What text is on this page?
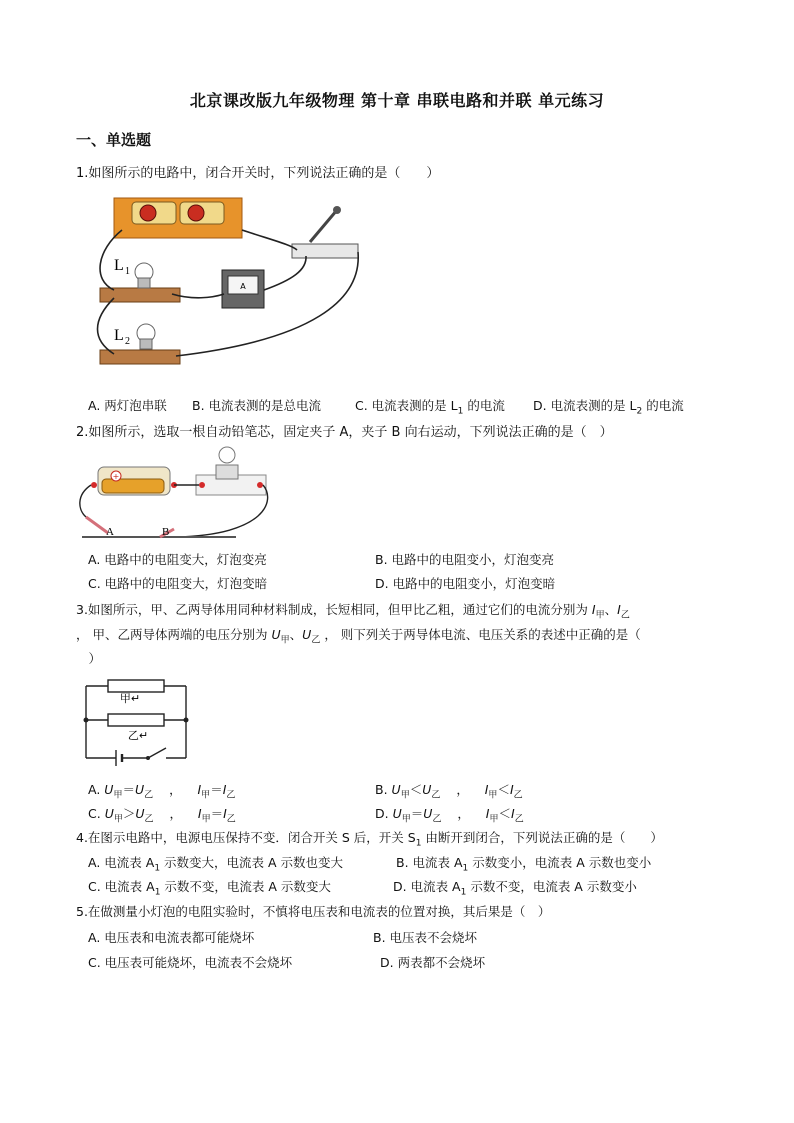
北京课改版九年级物理 第十章 串联电路和并联 单元练习
一、单选题
1.如图所示的电路中，闭合开关时，下列说法正确的是（　　）
A
L 1
L 2
A. 两灯泡串联 B. 电流表测的是总电流	C. 电流表测的是 $L_1$ 的电流 D. 电流表测的是 $L_2$ 的电流
2.如图所示，选取一根自动铅笔芯，固定夹子 A，夹子 B 向右运动，下列说法正确的是（　）
+
A	B
A. 电路中的电阻变大，灯泡变亮	B. 电路中的电阻变小，灯泡变亮
C. 电路中的电阻变大，灯泡变暗	D. 电路中的电阻变小，灯泡变暗
3.如图所示，甲、乙两导体用同种材料制成，长短相同，但甲比乙粗，通过它们的电流分别为 $I_甲$、$I_乙$
， 甲、乙两导体两端的电压分别为 $U_甲$、$U_乙$ ， 则下列关于两导体电流、电压关系的表述中正确的是（
　）
甲↵
乙↵
A. $U_甲=U_乙$ ， $I_甲=I_乙$	B. $U_甲<U_乙$ ， $I_甲<I_乙$
C. $U_甲>U_乙$ ， $I_甲=I_乙$	D. $U_甲=U_乙$ ， $I_甲<I_乙$
4.在图示电路中，电源电压保持不变．闭合开关 S 后，开关 $S_1$ 由断开到闭合，下列说法正确的是（　　）
A. 电流表 $A_1$ 示数变大，电流表 A 示数也变大	B. 电流表 $A_1$ 示数变小，电流表 A 示数也变小
C. 电流表 $A_1$ 示数不变，电流表 A 示数变大	D. 电流表 $A_1$ 示数不变，电流表 A 示数变小
5.在做测量小灯泡的电阻实验时，不慎将电压表和电流表的位置对换，其后果是（　）
A. 电压表和电流表都可能烧坏	B. 电压表不会烧坏
C. 电压表可能烧坏，电流表不会烧坏	D. 两表都不会烧坏
